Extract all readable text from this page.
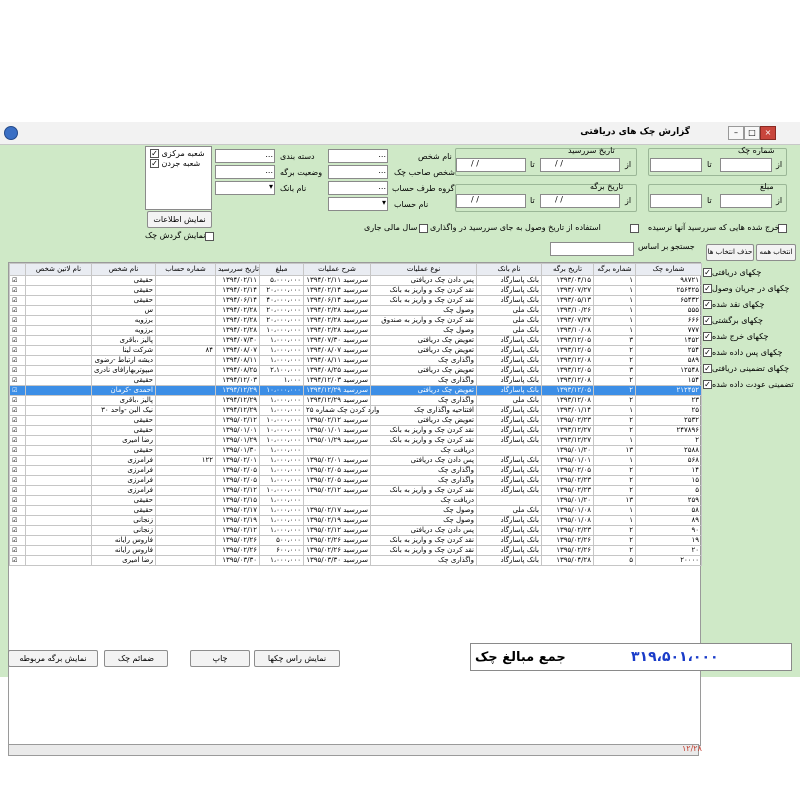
گزارش چک های دریافتی	–	□	×
شماره چک
از
تا
مبلغ
از
تا
تاریخ سررسید
از
/ /
تا
/ /
تاریخ برگه
از
/ /
تا
/ /
...	نام شخص
... شخص صاحب چک
... گروه طرف حساب
▾ نام حساب
... دسته بندی
... وضعیت برگه
▾ نام بانک
✓ شعبه مرکزی
✓ شعبه جردن
نمایش اطلاعات
نمایش گردش چک
خرج شده هایی که سررسید آنها نرسیده
استفاده از تاریخ وصول به جای سررسید در واگذاری
سال مالی جاری
جستجو بر اساس
حذف انتخاب ها	انتخاب همه
	نام لاتین شخص	نام شخص	شماره حساب	تاریخ سررسید	مبلغ	شرح عملیات	نوع عملیات	نام بانک	تاریخ برگه	شماره برگه	شماره چک
☑		حقیقی		۱۳۹۴/۰۲/۱۱	۵،۰۰۰،۰۰۰	سررسید ۱۳۹۴/۰۲/۱۱	پس دادن چک دریافتی	بانک پاسارگاد	۱۳۹۳/۰۴/۱۵	۱	۹۸۷۲۱
☑		حقیقی		۱۳۹۴/۰۲/۱۴	۲۰،۰۰۰،۰۰۰	سررسید ۱۳۹۴/۰۲/۱۴	نقد کردن چک و واریز به بانک	بانک پاسارگاد	۱۳۹۳/۰۷/۲۷	۱	۲۵۶۴۲۵
☑		حقیقی		۱۳۹۴/۰۶/۱۴	۴۰،۰۰۰،۰۰۰	سررسید ۱۳۹۴/۰۶/۱۴	نقد کردن چک و واریز به بانک	بانک پاسارگاد	۱۳۹۳/۰۵/۱۳	۱	۶۵۴۳۲
☑		س		۱۳۹۴/۰۲/۲۸	۲۰،۰۰۰،۰۰۰	سررسید ۱۳۹۴/۰۲/۲۸	وصول چک	بانک ملی	۱۳۹۳/۱۰/۲۶	۱	۵۵۵
☑		برزویه		۱۳۹۴/۰۲/۲۸	۲۰،۰۰۰،۰۰۰	سررسید ۱۳۹۴/۰۲/۲۸	نقد کردن چک و واریز به صندوق	بانک ملی	۱۳۹۳/۰۷/۲۷	۱	۶۶۶
☑		برزویه		۱۳۹۴/۰۲/۲۸	۱۰،۰۰۰،۰۰۰	سررسید ۱۳۹۴/۰۲/۲۸	وصول چک	بانک ملی	۱۳۹۳/۱۰/۰۸	۱	۷۷۷
☑		پالیز ،باقری		۱۳۹۴/۰۷/۳۰	۱،۰۰۰،۰۰۰	سررسید ۱۳۹۴/۰۷/۳۰	تعویض چک دریافتی	بانک پاسارگاد	۱۳۹۳/۱۲/۰۵	۳	۱۴۵۲
☑		شرکت لینا	۸۴	۱۳۹۴/۰۸/۰۷	۱،۰۰۰،۰۰۰	سررسید ۱۳۹۴/۰۸/۰۷	تعویض چک دریافتی	بانک پاسارگاد	۱۳۹۳/۱۲/۰۵	۲	۲۵۴
☑		دیشه ارتباط -رضوی		۱۳۹۴/۰۸/۱۱	۱،۰۰۰،۰۰۰	سررسید ۱۳۹۴/۰۸/۱۱	واگذاری چک	بانک پاسارگاد	۱۳۹۳/۱۲/۰۸	۲	۵۸۹
☑		میپوتربهارافای نادری		۱۳۹۴/۰۸/۲۵	۲،۱۰۰،۰۰۰	سررسید ۱۳۹۴/۰۸/۲۵	تعویض چک دریافتی	بانک پاسارگاد	۱۳۹۳/۱۲/۰۵	۳	۱۲۵۴۸
☑		حقیقی		۱۳۹۴/۱۲/۰۳	۱،۰۰۰	سررسید ۱۳۹۴/۱۲/۰۳	واگذاری چک	بانک پاسارگاد	۱۳۹۳/۱۲/۰۸	۲	۱۵۴
☑		احمدی -کرمان		۱۳۹۴/۱۲/۲۹	۱۰،۰۰۰،۰۰۰	سررسید ۱۳۹۴/۱۲/۲۹	تعویض چک دریافتی	بانک پاسارگاد	۱۳۹۳/۱۲/۰۵	۲	۲۱۲۴۵۲
☑		پالیز ،باقری		۱۳۹۴/۱۲/۲۹	۱،۰۰۰،۰۰۰	سررسید ۱۳۹۴/۱۲/۲۹	واگذاری چک	بانک ملی	۱۳۹۳/۱۲/۰۸	۲	۲۳
☑		نیک البن -واحد ۳۰		۱۳۹۴/۱۲/۲۹	۱،۰۰۰،۰۰۰	وارد کردن چک شماره ۲۵	افتتاحیه واگذاری چک	بانک پاسارگاد	۱۳۹۳/۰۱/۱۴	۱	۲۵
☑		حقیقی		۱۳۹۵/۰۲/۱۲	۱۰،۰۰۰،۰۰۰	سررسید ۱۳۹۵/۰۲/۱۲	تعویض چک دریافتی	بانک پاسارگاد	۱۳۹۵/۰۲/۲۳	۲	۲۵۳۲
☑		حقیقی		۱۳۹۵/۰۱/۰۱	۱۰،۰۰۰،۰۰۰	سررسید ۱۳۹۵/۰۱/۰۱	نقد کردن چک و واریز به بانک	بانک پاسارگاد	۱۳۹۳/۱۲/۲۷	۲	۲۴۷۸۹۶
☑		رضا امیری		۱۳۹۵/۰۱/۲۹	۱۰،۰۰۰،۰۰۰	سررسید ۱۳۹۵/۰۱/۲۹	نقد کردن چک و واریز به بانک	بانک پاسارگاد	۱۳۹۳/۱۲/۲۷	۱	۲
☑		حقیقی		۱۳۹۵/۰۱/۳۰	۱،۰۰۰،۰۰۰		دریافت چک		۱۳۹۵/۰۱/۲۰	۱۳	۲۵۸۸
☑		فرامرزی	۱۲۲	۱۳۹۵/۰۲/۰۱	۱،۰۰۰،۰۰۰	سررسید ۱۳۹۵/۰۲/۰۱	پس دادن چک دریافتی	بانک پاسارگاد	۱۳۹۵/۰۱/۰۱	۱	۵۶۸
☑		فرامرزی		۱۳۹۵/۰۲/۰۵	۱،۰۰۰،۰۰۰	سررسید ۱۳۹۵/۰۲/۰۵	واگذاری چک	بانک پاسارگاد	۱۳۹۵/۰۲/۰۵	۲	۱۴
☑		فرامرزی		۱۳۹۵/۰۲/۰۵	۱،۰۰۰،۰۰۰	سررسید ۱۳۹۵/۰۲/۰۵	واگذاری چک	بانک پاسارگاد	۱۳۹۵/۰۲/۲۳	۲	۱۵
☑		فرامرزی		۱۳۹۵/۰۲/۱۲	۱۰،۰۰۰،۰۰۰	سررسید ۱۳۹۵/۰۲/۱۲	نقد کردن چک و واریز به بانک	بانک پاسارگاد	۱۳۹۵/۰۲/۲۳	۲	۵
☑		حقیقی		۱۳۹۵/۰۲/۱۵	۱،۰۰۰،۰۰۰		دریافت چک		۱۳۹۵/۰۱/۲۰	۱۳	۲۵۹
☑		حقیقی		۱۳۹۵/۰۲/۱۷	۱،۰۰۰،۰۰۰	سررسید ۱۳۹۵/۰۲/۱۷	وصول چک	بانک ملی	۱۳۹۵/۰۱/۰۸	۱	۵۸
☑		زنجانی		۱۳۹۵/۰۲/۱۹	۱،۰۰۰،۰۰۰	سررسید ۱۳۹۵/۰۲/۱۹	وصول چک	بانک پاسارگاد	۱۳۹۵/۰۱/۰۸	۱	۸۹
☑		زنجانی		۱۳۹۵/۰۲/۱۲	۱،۰۰۰،۰۰۰	سررسید ۱۳۹۵/۰۲/۱۲	پس دادن چک دریافتی	بانک پاسارگاد	۱۳۹۵/۰۲/۲۳	۲	۹۰
☑		فاروس رایانه		۱۳۹۵/۰۲/۲۶	۵۰۰،۰۰۰	سررسید ۱۳۹۵/۰۲/۲۶	نقد کردن چک و واریز به بانک	بانک پاسارگاد	۱۳۹۵/۰۲/۲۶	۲	۱۹
☑		فاروس رایانه		۱۳۹۵/۰۲/۲۶	۶۰۰،۰۰۰	سررسید ۱۳۹۵/۰۲/۲۶	نقد کردن چک و واریز به بانک	بانک پاسارگاد	۱۳۹۵/۰۲/۲۶	۲	۲۰
☑		رضا امیری		۱۳۹۵/۰۳/۳۰	۱،۰۰۰،۰۰۰	سررسید ۱۳۹۵/۰۳/۳۰	واگذاری چک	بانک پاسارگاد	۱۳۹۵/۰۴/۲۸	۵	۲۰۰۰۰
۱۲/۲۸
✓چکهای دریافتی
✓چکهای در جریان وصول
✓چکهای نقد شده
✓چکهای برگشتی
✓چکهای خرج شده
✓چکهای پس داده شده
✓چکهای تضمینی دریافتی
✓تضمینی عودت داده شده
جمع مبالغ چک	۳۱۹،۵۰۱،۰۰۰
نمایش راس چکها
چاپ
ضمائم چک
نمایش برگه مربوطه
